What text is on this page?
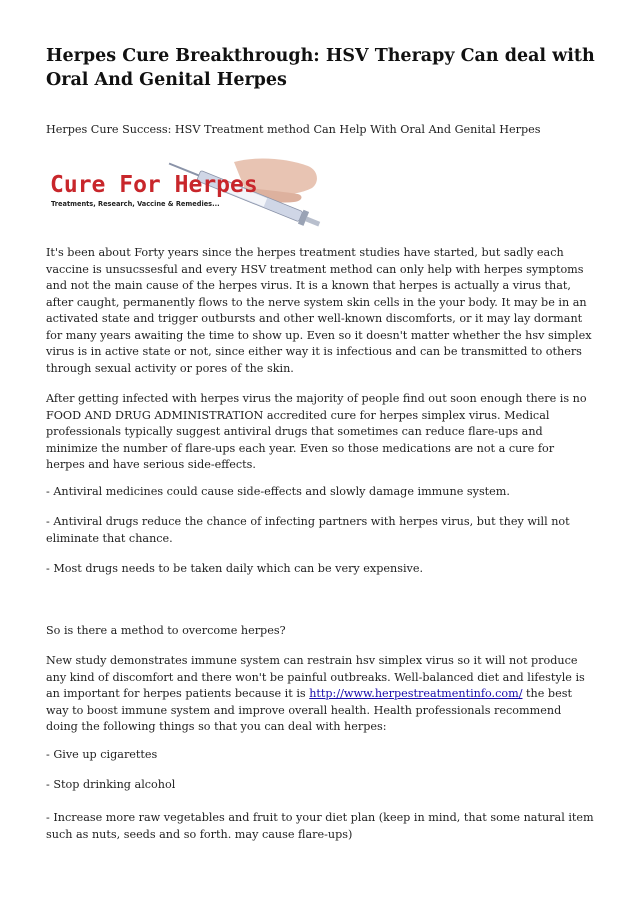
Herpes Cure Breakthrough: HSV Therapy Can deal with Oral And Genital Herpes

Herpes Cure Success: HSV Treatment method Can Help With Oral And Genital Herpes

Cure For Herpes
Treatments, Research, Vaccine & Remedies...

It's been about Forty years since the herpes treatment studies have started, but sadly each vaccine is unsucssesful and every HSV treatment method can only help with herpes symptoms and not the main cause of the herpes virus. It is a known that herpes is actually a virus that, after caught, permanently flows to the nerve system skin cells in the your body. It may be in an activated state and trigger outbursts and other well-known discomforts, or it may lay dormant for many years awaiting the time to show up. Even so it doesn't matter whether the hsv simplex virus is in active state or not, since either way it is infectious and can be transmitted to others through sexual activity or pores of the skin.

After getting infected with herpes virus the majority of people find out soon enough there is no FOOD AND DRUG ADMINISTRATION accredited cure for herpes simplex virus. Medical professionals typically suggest antiviral drugs that sometimes can reduce flare-ups and minimize the number of flare-ups each year. Even so those medications are not a cure for herpes and have serious side-effects.

- Antiviral medicines could cause side-effects and slowly damage immune system.

- Antiviral drugs reduce the chance of infecting partners with herpes virus, but they will not eliminate that chance.

- Most drugs needs to be taken daily which can be very expensive.

So is there a method to overcome herpes?

New study demonstrates immune system can restrain hsv simplex virus so it will not produce any kind of discomfort and there won't be painful outbreaks. Well-balanced diet and lifestyle is an important for herpes patients because it is http://www.herpestreatmentinfo.com/ the best way to boost immune system and improve overall health. Health professionals recommend doing the following things so that you can deal with herpes:

- Give up cigarettes

- Stop drinking alcohol

- Increase more raw vegetables and fruit to your diet plan (keep in mind, that some natural item such as nuts, seeds and so forth. may cause flare-ups)
